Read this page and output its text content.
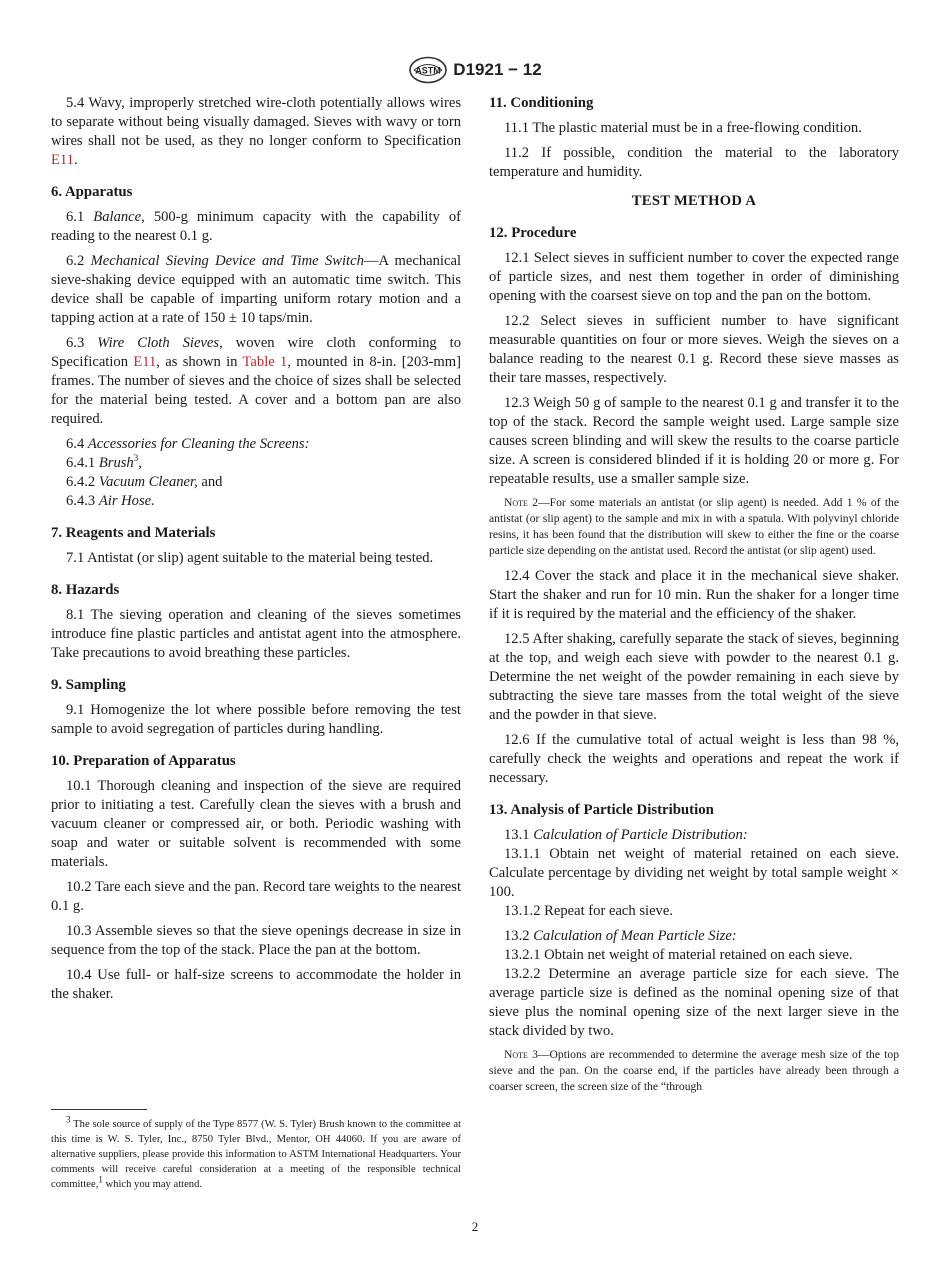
ASTM D1921 − 12

5.4 Wavy, improperly stretched wire-cloth potentially allows wires to separate without being visually damaged. Sieves with wavy or torn wires shall not be used, as they no longer conform to Specification E11.

6. Apparatus

6.1 Balance, 500-g minimum capacity with the capability of reading to the nearest 0.1 g.

6.2 Mechanical Sieving Device and Time Switch—A mechanical sieve-shaking device equipped with an automatic time switch. This device shall be capable of imparting uniform rotary motion and a tapping action at a rate of 150 ± 10 taps/min.

6.3 Wire Cloth Sieves, woven wire cloth conforming to Specification E11, as shown in Table 1, mounted in 8-in. [203-mm] frames. The number of sieves and the choice of sizes shall be selected for the material being tested. A cover and a bottom pan are also required.

6.4 Accessories for Cleaning the Screens:

6.4.1 Brush$^3$,

6.4.2 Vacuum Cleaner, and

6.4.3 Air Hose.

7. Reagents and Materials

7.1 Antistat (or slip) agent suitable to the material being tested.

8. Hazards

8.1 The sieving operation and cleaning of the sieves sometimes introduce fine plastic particles and antistat agent into the atmosphere. Take precautions to avoid breathing these particles.

9. Sampling

9.1 Homogenize the lot where possible before removing the test sample to avoid segregation of particles during handling.

10. Preparation of Apparatus

10.1 Thorough cleaning and inspection of the sieve are required prior to initiating a test. Carefully clean the sieves with a brush and vacuum cleaner or compressed air, or both. Periodic washing with soap and water or suitable solvent is recommended with some materials.

10.2 Tare each sieve and the pan. Record tare weights to the nearest 0.1 g.

10.3 Assemble sieves so that the sieve openings decrease in size in sequence from the top of the stack. Place the pan at the bottom.

10.4 Use full- or half-size screens to accommodate the holder in the shaker.

$^3$ The sole source of supply of the Type 8577 (W. S. Tyler) Brush known to the committee at this time is W. S. Tyler, Inc., 8750 Tyler Blvd., Mentor, OH 44060. If you are aware of alternative suppliers, please provide this information to ASTM International Headquarters. Your comments will receive careful consideration at a meeting of the responsible technical committee,$^1$ which you may attend.
11. Conditioning

11.1 The plastic material must be in a free-flowing condition.

11.2 If possible, condition the material to the laboratory temperature and humidity.

TEST METHOD A
12. Procedure

12.1 Select sieves in sufficient number to cover the expected range of particle sizes, and nest them together in order of diminishing opening with the coarsest sieve on top and the pan on the bottom.

12.2 Select sieves in sufficient number to have significant measurable quantities on four or more sieves. Weigh the sieves on a balance reading to the nearest 0.1 g. Record these sieve masses as their tare masses, respectively.

12.3 Weigh 50 g of sample to the nearest 0.1 g and transfer it to the top of the stack. Record the sample weight used. Large sample size causes screen blinding and will skew the results to the coarse particle size. A screen is considered blinded if it is holding 20 or more g. For repeatable results, use a smaller sample size.

Note 2—For some materials an antistat (or slip agent) is needed. Add 1 % of the antistat (or slip agent) to the sample and mix in with a spatula. With polyvinyl chloride resins, it has been found that the distribution will skew to either the fine or the coarse particle size depending on the antistat used. Record the antistat (or slip agent) used.

12.4 Cover the stack and place it in the mechanical sieve shaker. Start the shaker and run for 10 min. Run the shaker for a longer time if it is required by the material and the efficiency of the shaker.

12.5 After shaking, carefully separate the stack of sieves, beginning at the top, and weigh each sieve with powder to the nearest 0.1 g. Determine the net weight of the powder remaining in each sieve by subtracting the sieve tare masses from the total weight of the sieve and the powder in that sieve.

12.6 If the cumulative total of actual weight is less than 98 %, carefully check the weights and operations and repeat the work if necessary.

13. Analysis of Particle Distribution

13.1 Calculation of Particle Distribution:

13.1.1 Obtain net weight of material retained on each sieve. Calculate percentage by dividing net weight by total sample weight × 100.

13.1.2 Repeat for each sieve.

13.2 Calculation of Mean Particle Size:

13.2.1 Obtain net weight of material retained on each sieve.

13.2.2 Determine an average particle size for each sieve. The average particle size is defined as the nominal opening size of that sieve plus the nominal opening size of the next larger sieve in the stack divided by two.

Note 3—Options are recommended to determine the average mesh size of the top sieve and the pan. On the coarse end, if the particles have already been through a coarser screen, the screen size of the “through
2
